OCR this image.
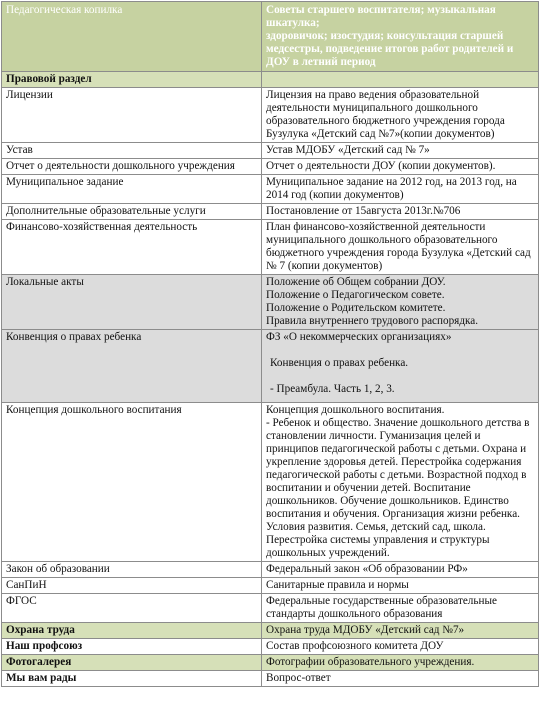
Педагогическая копилка	Советы старшего воспитателя; музыкальная шкатулка;
здоровичок; изостудия; консультация старшей медсестры, подведение итогов работ родителей и ДОУ в летний период

Правовой раздел	
Лицензии	Лицензия на право ведения образовательной деятельности муниципального дошкольного образовательного бюджетного учреждения города Бузулука «Детский сад №7»(копии документов)
Устав	Устав МДОБУ «Детский сад № 7»
Отчет о деятельности дошкольного учреждения	Отчет о деятельности ДОУ (копии документов).
Муниципальное задание	Муниципальное задание на 2012 год, на 2013 год, на 2014 год (копии документов)
Дополнительные образовательные услуги	Постановление от 15августа 2013г.№706
Финансово-хозяйственная деятельность	План финансово-хозяйственной деятельности муниципального дошкольного образовательного бюджетного учреждения города Бузулука «Детский сад № 7 (копии документов)
Локальные акты	Положение об Общем собрании ДОУ.
Положение о Педагогическом совете.
Положение о Родительском комитете.
Правила внутреннего трудового распорядка.

Конвенция о правах ребенка	ФЗ «О некоммерческих организациях»
Конвенция о правах ребенка.
- Преамбула. Часть 1, 2, 3.

Концепция дошкольного воспитания	Концепция дошкольного воспитания.
- Ребенок и общество. Значение дошкольного детства в становлении личности. Гуманизация целей и принципов педагогической работы с детьми. Охрана и укрепление здоровья детей. Перестройка содержания педагогической работы с детьми. Возрастной подход в воспитании и обучении детей. Воспитание дошкольников. Обучение дошкольников. Единство воспитания и обучения. Организация жизни ребенка. Условия развития. Семья, детский сад, школа. Перестройка системы управления и структуры дошкольных учреждений.

Закон об образовании	Федеральный закон «Об образовании РФ»
СанПиН	Санитарные правила и нормы
ФГОС	Федеральные государственные образовательные стандарты дошкольного образования
Охрана труда	Охрана труда МДОБУ «Детский сад №7»
Наш профсоюз	Состав профсоюзного комитета ДОУ
Фотогалерея	Фотографии образовательного учреждения.
Мы вам рады	Вопрос-ответ
